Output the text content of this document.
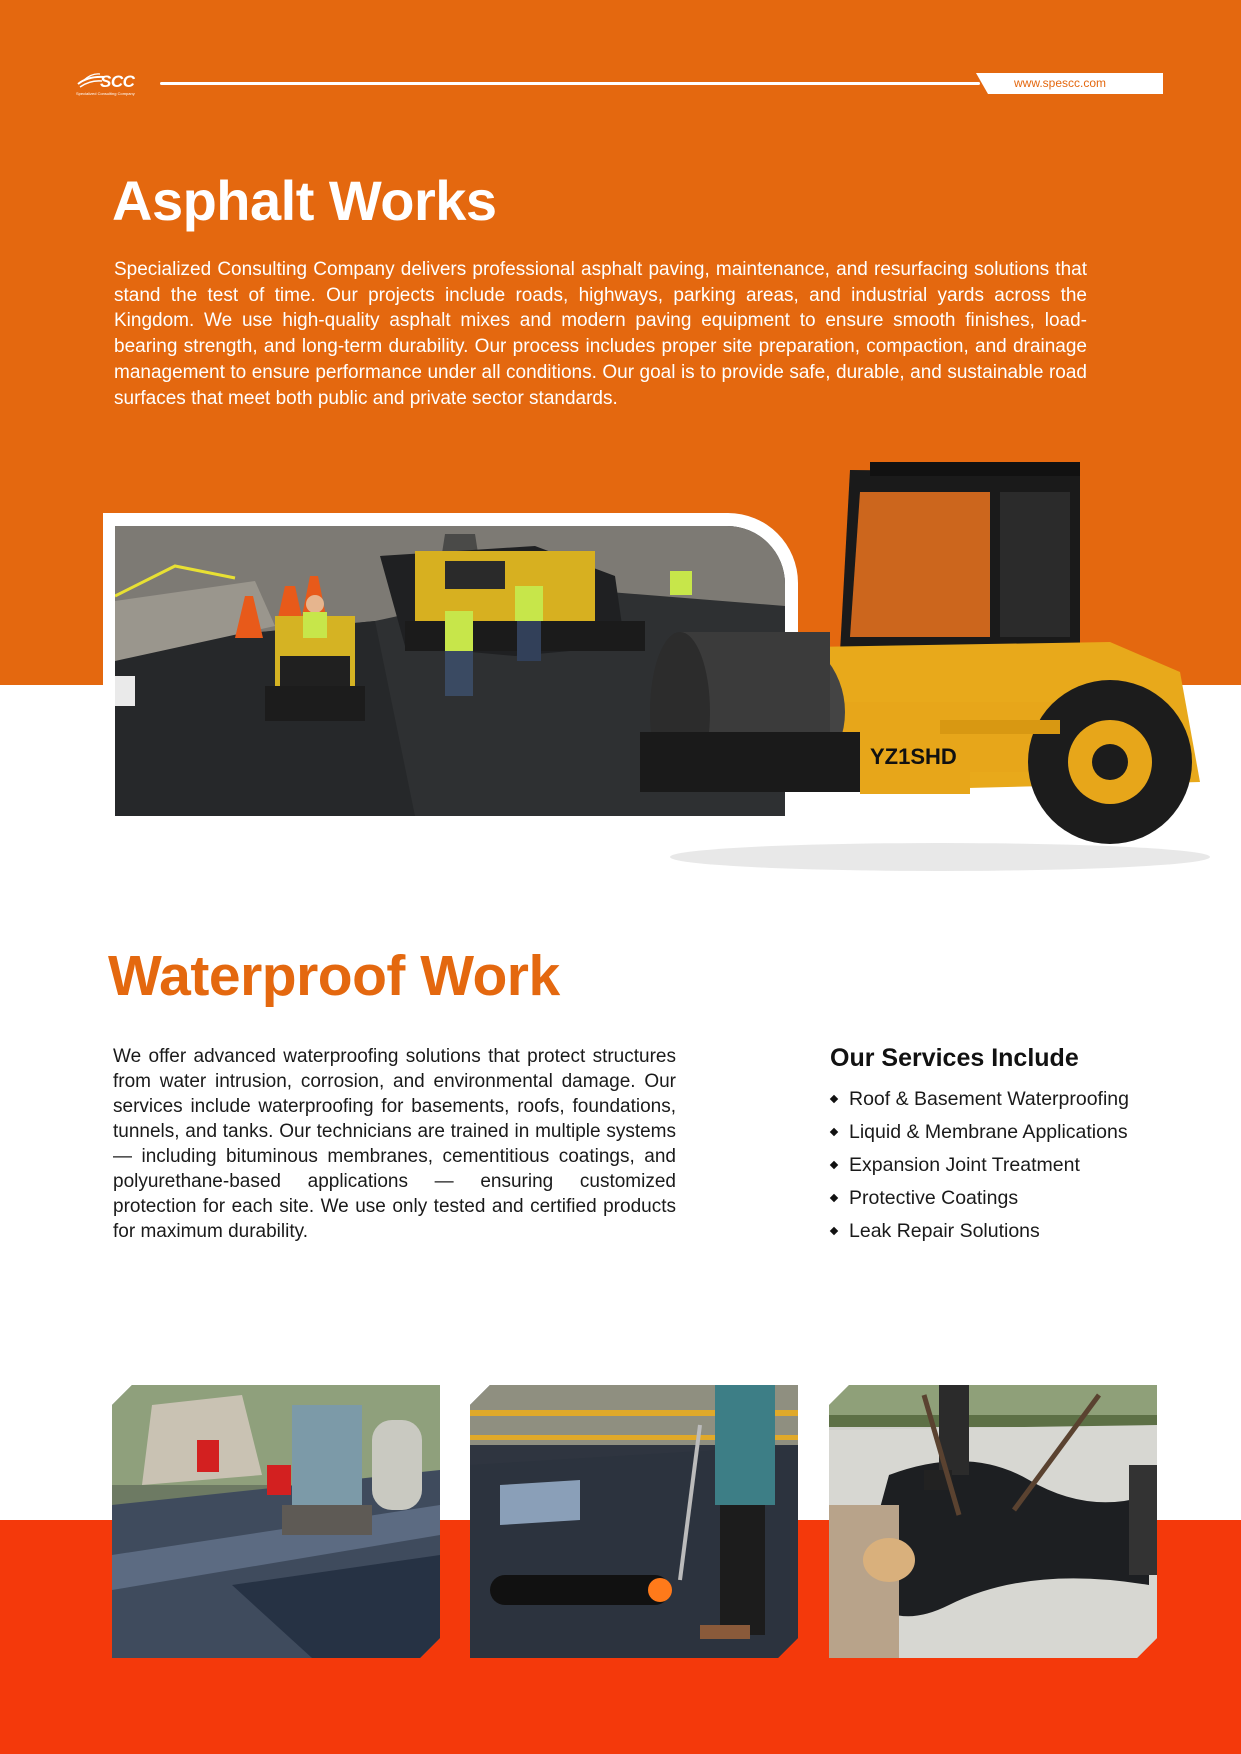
SCC
Specialized Consulting Company
www.spescc.com
Asphalt Works

Specialized Consulting Company delivers professional asphalt paving, maintenance, and resurfacing solutions that stand the test of time. Our projects include roads, highways, parking areas, and industrial yards across the Kingdom. We use high-quality asphalt mixes and modern paving equipment to ensure smooth finishes, load-bearing strength, and long-term durability. Our process includes proper site preparation, compaction, and drainage management to ensure performance under all conditions. Our goal is to provide safe, durable, and sustainable road surfaces that meet both public and private sector standards.

YZ1SHD
Waterproof Work

We offer advanced waterproofing solutions that protect structures from water intrusion, corrosion, and environmental damage. Our services include waterproofing for basements, roofs, foundations, tunnels, and tanks. Our technicians are trained in multiple systems — including bituminous membranes, cementitious coatings, and polyurethane-based applications — ensuring customized protection for each site. We use only tested and certified products for maximum durability.

Our Services Include
Roof & Basement Waterproofing
Liquid & Membrane Applications
Expansion Joint Treatment
Protective Coatings
Leak Repair Solutions
